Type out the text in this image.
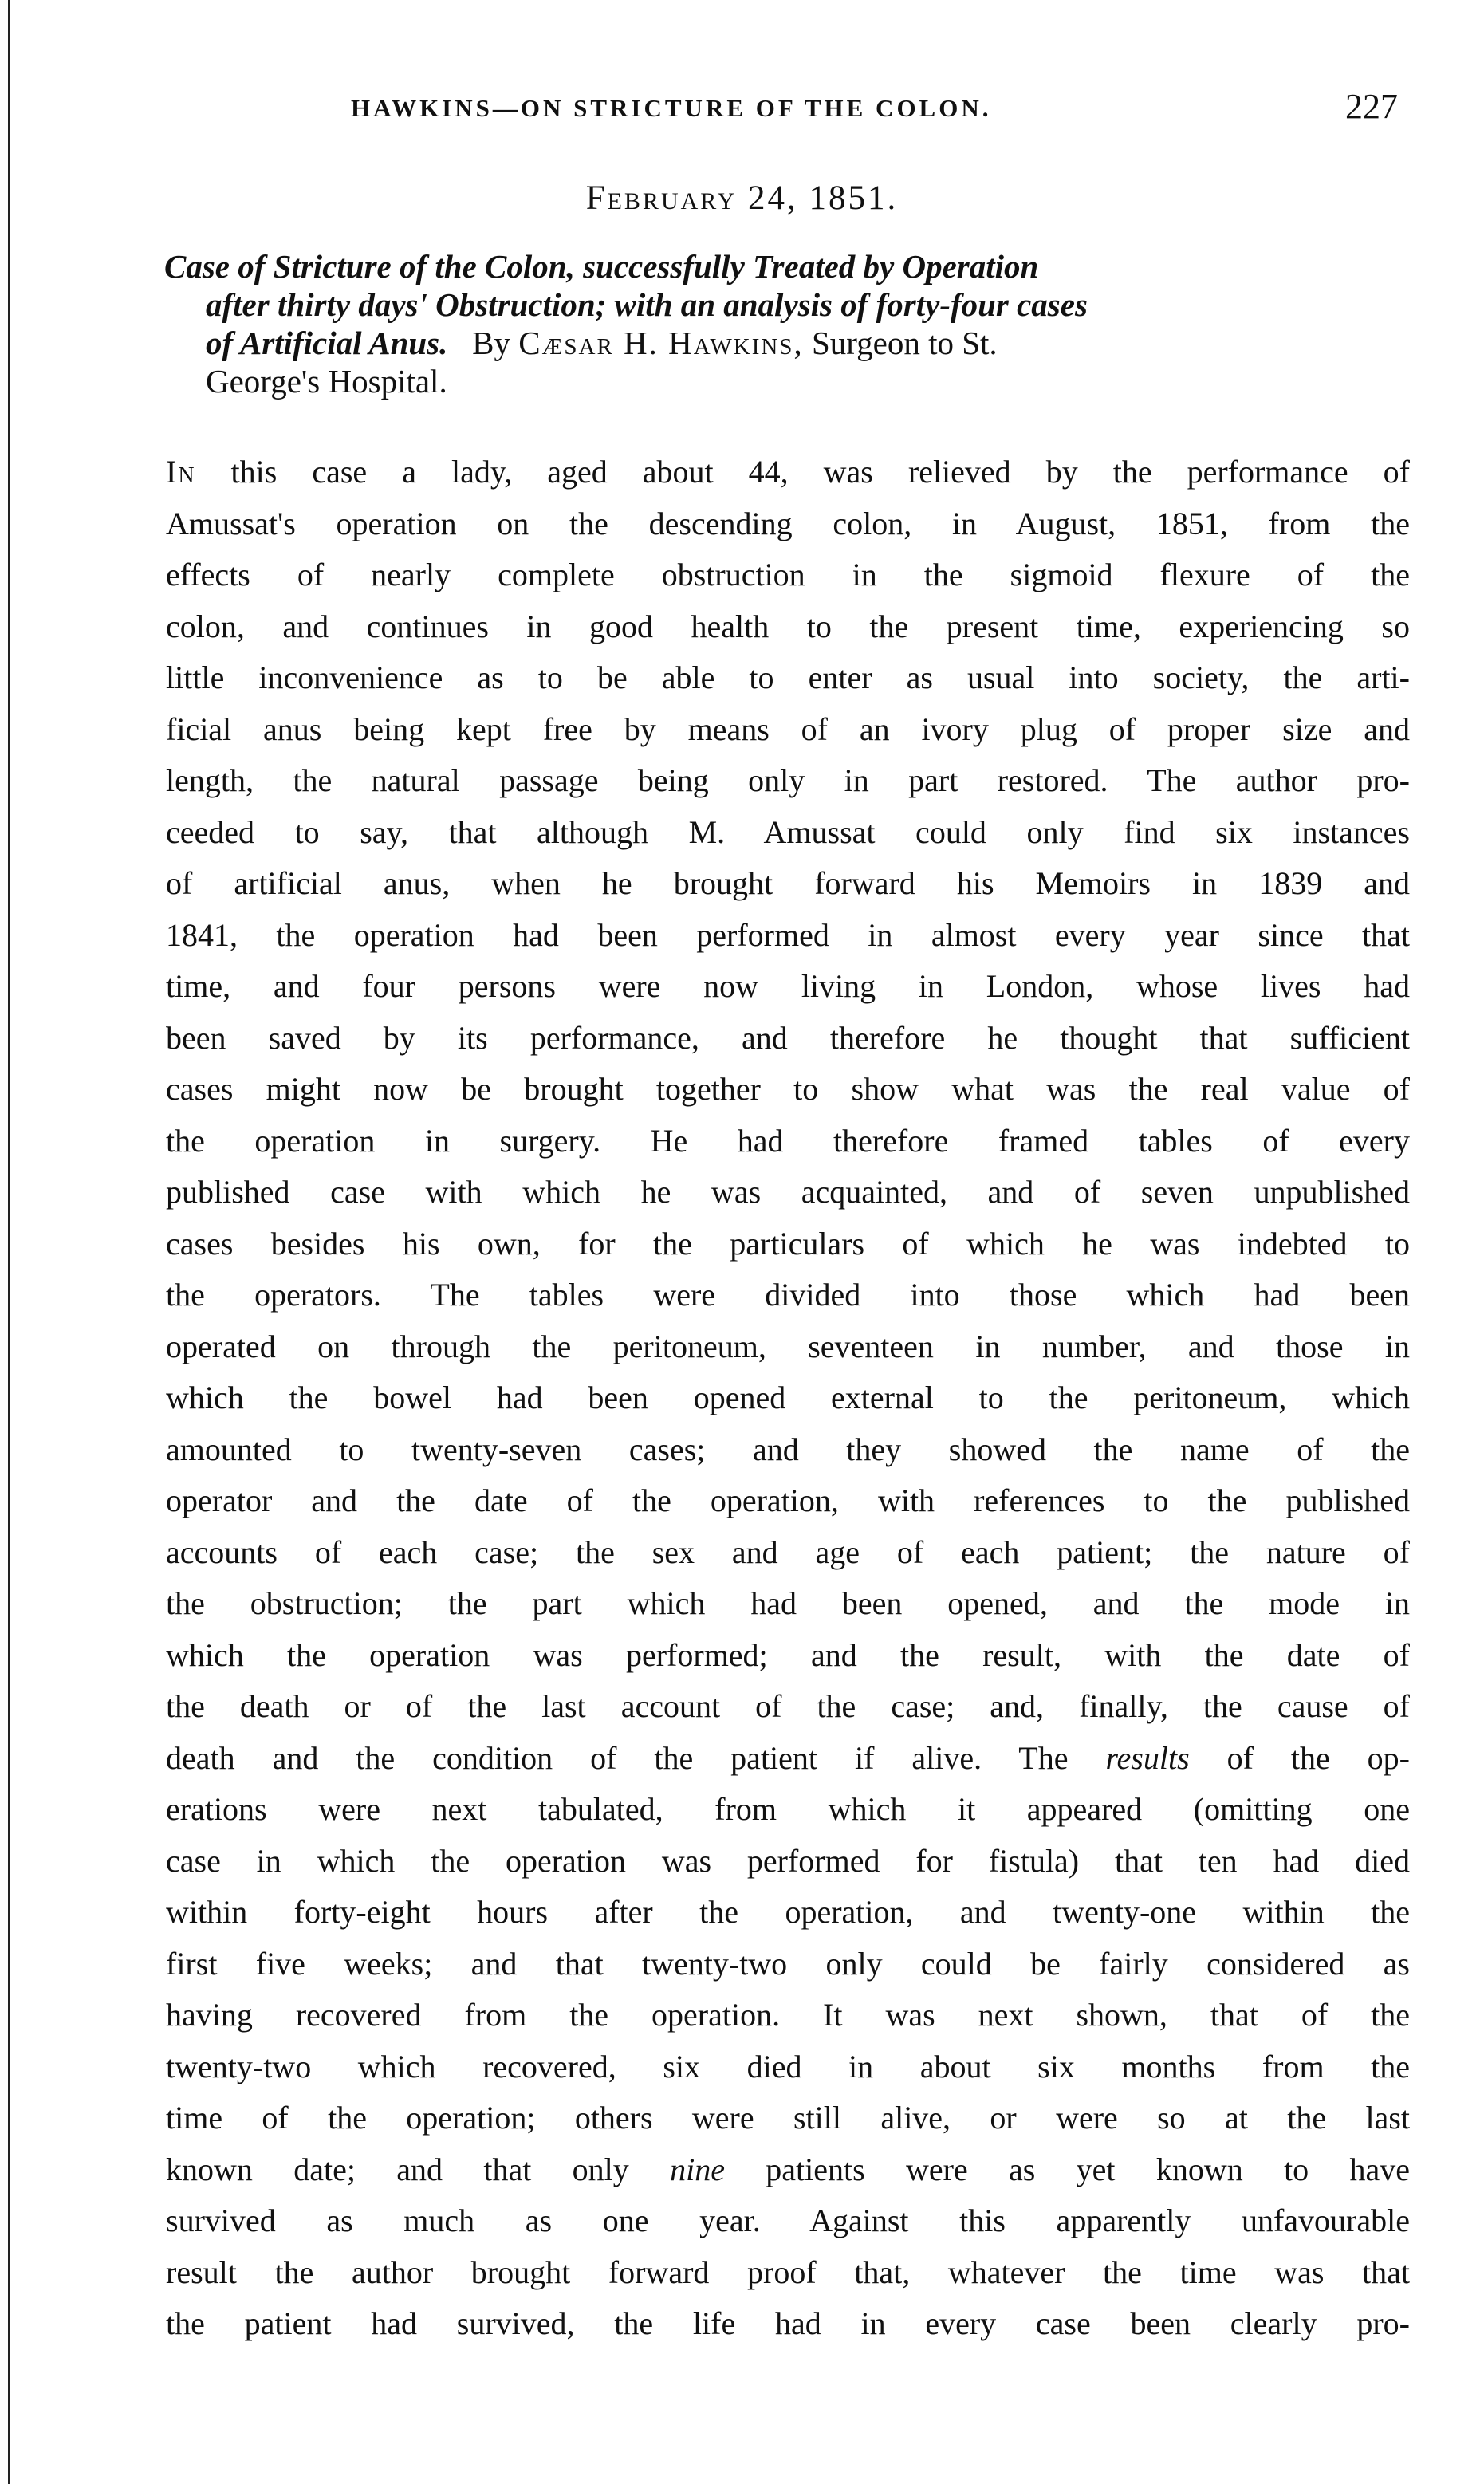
HAWKINS—ON STRICTURE OF THE COLON.	227
February 24, 1851.
Case of Stricture of the Colon, successfully Treated by Operation
after thirty days' Obstruction; with an analysis of forty-four cases
of Artificial Anus. By Cæsar H. Hawkins, Surgeon to St.
George's Hospital.
In this case a lady, aged about 44, was relieved by the performance of
Amussat's operation on the descending colon, in August, 1851, from the
effects of nearly complete obstruction in the sigmoid flexure of the
colon, and continues in good health to the present time, experiencing so
little inconvenience as to be able to enter as usual into society, the arti-
ficial anus being kept free by means of an ivory plug of proper size and
length, the natural passage being only in part restored. The author pro-
ceeded to say, that although M. Amussat could only find six instances
of artificial anus, when he brought forward his Memoirs in 1839 and
1841, the operation had been performed in almost every year since that
time, and four persons were now living in London, whose lives had
been saved by its performance, and therefore he thought that sufficient
cases might now be brought together to show what was the real value of
the operation in surgery. He had therefore framed tables of every
published case with which he was acquainted, and of seven unpublished
cases besides his own, for the particulars of which he was indebted to
the operators. The tables were divided into those which had been
operated on through the peritoneum, seventeen in number, and those in
which the bowel had been opened external to the peritoneum, which
amounted to twenty-seven cases; and they showed the name of the
operator and the date of the operation, with references to the published
accounts of each case; the sex and age of each patient; the nature of
the obstruction; the part which had been opened, and the mode in
which the operation was performed; and the result, with the date of
the death or of the last account of the case; and, finally, the cause of
death and the condition of the patient if alive. The results of the op-
erations were next tabulated, from which it appeared (omitting one
case in which the operation was performed for fistula) that ten had died
within forty-eight hours after the operation, and twenty-one within the
first five weeks; and that twenty-two only could be fairly considered as
having recovered from the operation. It was next shown, that of the
twenty-two which recovered, six died in about six months from the
time of the operation; others were still alive, or were so at the last
known date; and that only nine patients were as yet known to have
survived as much as one year. Against this apparently unfavourable
result the author brought forward proof that, whatever the time was that
the patient had survived, the life had in every case been clearly pro-
